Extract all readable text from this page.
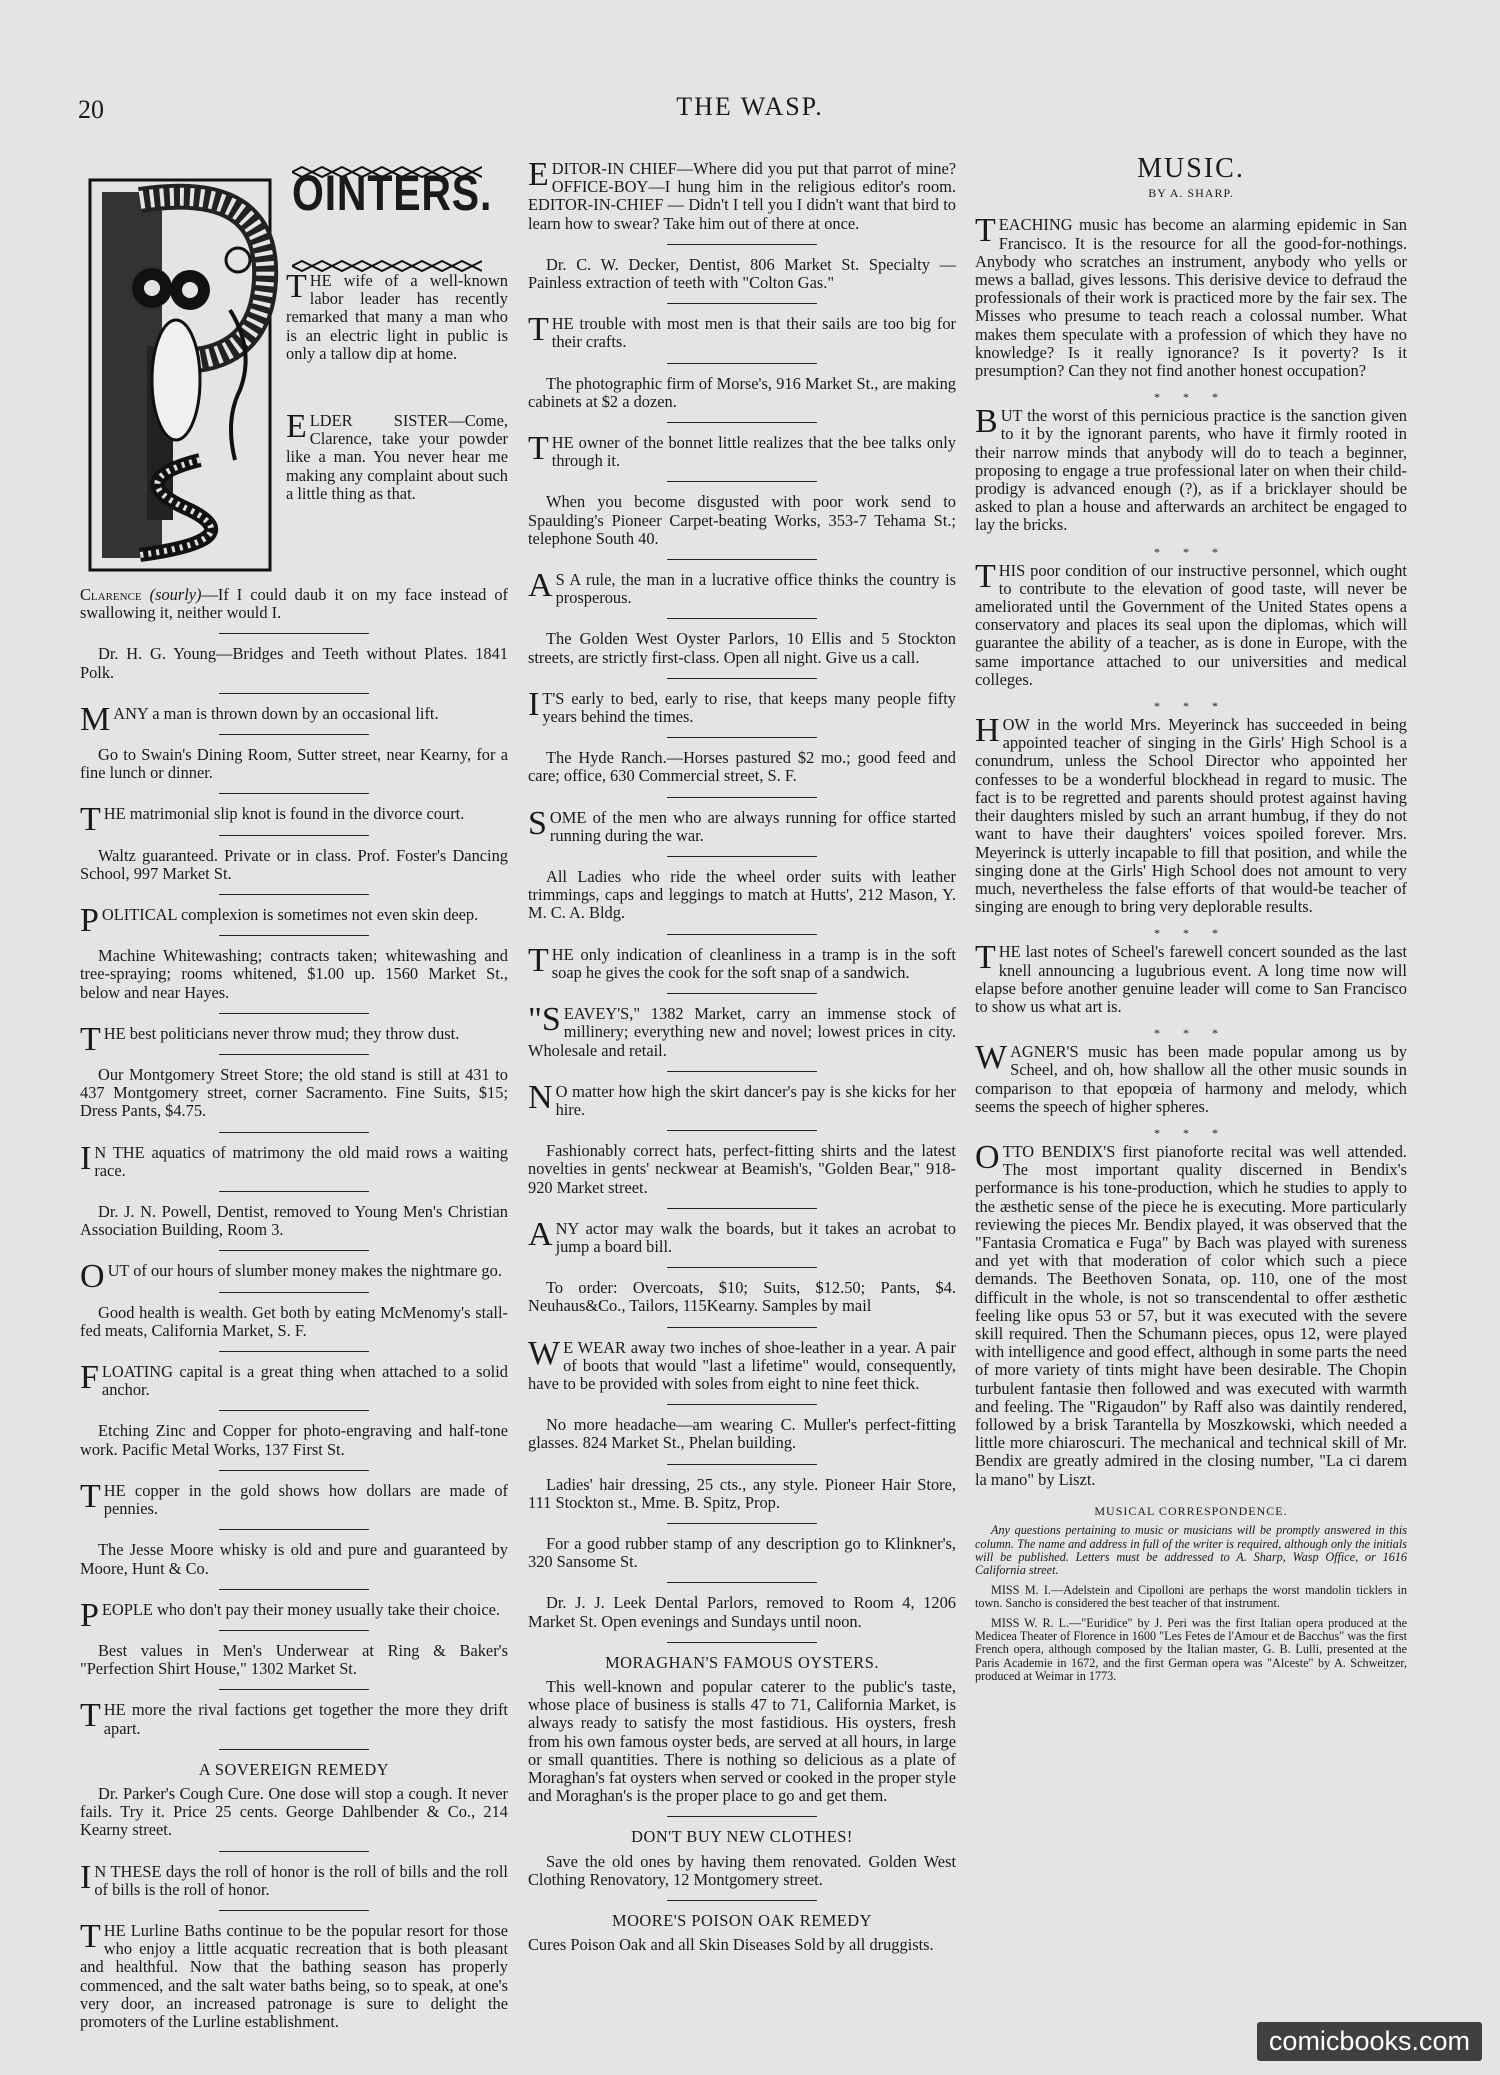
20	THE WASP.
OINTERS.
THE wife of a well-known labor leader has recently remarked that many a man who is an electric light in public is only a tallow dip at home.
ELDER SISTER—Come, Clarence, take your powder like a man. You never hear me making any complaint about such a little thing as that.
Clarence (sourly)—If I could daub it on my face instead of swallowing it, neither would I.
Dr. H. G. Young—Bridges and Teeth without Plates. 1841 Polk.
MANY a man is thrown down by an occasional lift.
Go to Swain's Dining Room, Sutter street, near Kearny, for a fine lunch or dinner.
THE matrimonial slip knot is found in the divorce court.
Waltz guaranteed. Private or in class. Prof. Foster's Dancing School, 997 Market St.
POLITICAL complexion is sometimes not even skin deep.
Machine Whitewashing; contracts taken; whitewashing and tree-spraying; rooms whitened, $1.00 up. 1560 Market St., below and near Hayes.
THE best politicians never throw mud; they throw dust.
Our Montgomery Street Store; the old stand is still at 431 to 437 Montgomery street, corner Sacramento. Fine Suits, $15; Dress Pants, $4.75.
IN THE aquatics of matrimony the old maid rows a waiting race.
Dr. J. N. Powell, Dentist, removed to Young Men's Christian Association Building, Room 3.
OUT of our hours of slumber money makes the nightmare go.
Good health is wealth. Get both by eating McMenomy's stall-fed meats, California Market, S. F.
FLOATING capital is a great thing when attached to a solid anchor.
Etching Zinc and Copper for photo-engraving and half-tone work. Pacific Metal Works, 137 First St.
THE copper in the gold shows how dollars are made of pennies.
The Jesse Moore whisky is old and pure and guaranteed by Moore, Hunt & Co.
PEOPLE who don't pay their money usually take their choice.
Best values in Men's Underwear at Ring & Baker's "Perfection Shirt House," 1302 Market St.
THE more the rival factions get together the more they drift apart.
A SOVEREIGN REMEDY
Dr. Parker's Cough Cure. One dose will stop a cough. It never fails. Try it. Price 25 cents. George Dahlbender & Co., 214 Kearny street.
IN THESE days the roll of honor is the roll of bills and the roll of bills is the roll of honor.
THE Lurline Baths continue to be the popular resort for those who enjoy a little acquatic recreation that is both pleasant and healthful. Now that the bathing season has properly commenced, and the salt water baths being, so to speak, at one's very door, an increased patronage is sure to delight the promoters of the Lurline establishment.
EDITOR-IN CHIEF—Where did you put that parrot of mine? OFFICE-BOY—I hung him in the religious editor's room. EDITOR-IN-CHIEF — Didn't I tell you I didn't want that bird to learn how to swear? Take him out of there at once.
Dr. C. W. Decker, Dentist, 806 Market St. Specialty —Painless extraction of teeth with "Colton Gas."
THE trouble with most men is that their sails are too big for their crafts.
The photographic firm of Morse's, 916 Market St., are making cabinets at $2 a dozen.
THE owner of the bonnet little realizes that the bee talks only through it.
When you become disgusted with poor work send to Spaulding's Pioneer Carpet-beating Works, 353-7 Tehama St.; telephone South 40.
AS A rule, the man in a lucrative office thinks the country is prosperous.
The Golden West Oyster Parlors, 10 Ellis and 5 Stockton streets, are strictly first-class. Open all night. Give us a call.
IT'S early to bed, early to rise, that keeps many people fifty years behind the times.
The Hyde Ranch.—Horses pastured $2 mo.; good feed and care; office, 630 Commercial street, S. F.
SOME of the men who are always running for office started running during the war.
All Ladies who ride the wheel order suits with leather trimmings, caps and leggings to match at Hutts', 212 Mason, Y. M. C. A. Bldg.
THE only indication of cleanliness in a tramp is in the soft soap he gives the cook for the soft snap of a sandwich.
"SEAVEY'S," 1382 Market, carry an immense stock of millinery; everything new and novel; lowest prices in city. Wholesale and retail.
NO matter how high the skirt dancer's pay is she kicks for her hire.
Fashionably correct hats, perfect-fitting shirts and the latest novelties in gents' neckwear at Beamish's, "Golden Bear," 918-920 Market street.
ANY actor may walk the boards, but it takes an acrobat to jump a board bill.
To order: Overcoats, $10; Suits, $12.50; Pants, $4. Neuhaus&Co., Tailors, 115Kearny. Samples by mail
WE WEAR away two inches of shoe-leather in a year. A pair of boots that would "last a lifetime" would, consequently, have to be provided with soles from eight to nine feet thick.
No more headache—am wearing C. Muller's perfect-fitting glasses. 824 Market St., Phelan building.
Ladies' hair dressing, 25 cts., any style. Pioneer Hair Store, 111 Stockton st., Mme. B. Spitz, Prop.
For a good rubber stamp of any description go to Klinkner's, 320 Sansome St.
Dr. J. J. Leek Dental Parlors, removed to Room 4, 1206 Market St. Open evenings and Sundays until noon.
MORAGHAN'S FAMOUS OYSTERS.
This well-known and popular caterer to the public's taste, whose place of business is stalls 47 to 71, California Market, is always ready to satisfy the most fastidious. His oysters, fresh from his own famous oyster beds, are served at all hours, in large or small quantities. There is nothing so delicious as a plate of Moraghan's fat oysters when served or cooked in the proper style and Moraghan's is the proper place to go and get them.
DON'T BUY NEW CLOTHES!
Save the old ones by having them renovated. Golden West Clothing Renovatory, 12 Montgomery street.
MOORE'S POISON OAK REMEDY
Cures Poison Oak and all Skin Diseases Sold by all druggists.
MUSIC.
BY A. SHARP.
TEACHING music has become an alarming epidemic in San Francisco. It is the resource for all the good-for-nothings. Anybody who scratches an instrument, anybody who yells or mews a ballad, gives lessons. This derisive device to defraud the professionals of their work is practiced more by the fair sex. The Misses who presume to teach reach a colossal number. What makes them speculate with a profession of which they have no knowledge? Is it really ignorance? Is it poverty? Is it presumption? Can they not find another honest occupation?
* * *
BUT the worst of this pernicious practice is the sanction given to it by the ignorant parents, who have it firmly rooted in their narrow minds that anybody will do to teach a beginner, proposing to engage a true professional later on when their child-prodigy is advanced enough (?), as if a bricklayer should be asked to plan a house and afterwards an architect be engaged to lay the bricks.
* * *
THIS poor condition of our instructive personnel, which ought to contribute to the elevation of good taste, will never be ameliorated until the Government of the United States opens a conservatory and places its seal upon the diplomas, which will guarantee the ability of a teacher, as is done in Europe, with the same importance attached to our universities and medical colleges.
* * *
HOW in the world Mrs. Meyerinck has succeeded in being appointed teacher of singing in the Girls' High School is a conundrum, unless the School Director who appointed her confesses to be a wonderful blockhead in regard to music. The fact is to be regretted and parents should protest against having their daughters misled by such an arrant humbug, if they do not want to have their daughters' voices spoiled forever. Mrs. Meyerinck is utterly incapable to fill that position, and while the singing done at the Girls' High School does not amount to very much, nevertheless the false efforts of that would-be teacher of singing are enough to bring very deplorable results.
* * *
THE last notes of Scheel's farewell concert sounded as the last knell announcing a lugubrious event. A long time now will elapse before another genuine leader will come to San Francisco to show us what art is.
* * *
WAGNER'S music has been made popular among us by Scheel, and oh, how shallow all the other music sounds in comparison to that epopœia of harmony and melody, which seems the speech of higher spheres.
* * *
OTTO BENDIX'S first pianoforte recital was well attended. The most important quality discerned in Bendix's performance is his tone-production, which he studies to apply to the æsthetic sense of the piece he is executing. More particularly reviewing the pieces Mr. Bendix played, it was observed that the "Fantasia Cromatica e Fuga" by Bach was played with sureness and yet with that moderation of color which such a piece demands. The Beethoven Sonata, op. 110, one of the most difficult in the whole, is not so transcendental to offer æsthetic feeling like opus 53 or 57, but it was executed with the severe skill required. Then the Schumann pieces, opus 12, were played with intelligence and good effect, although in some parts the need of more variety of tints might have been desirable. The Chopin turbulent fantasie then followed and was executed with warmth and feeling. The "Rigaudon" by Raff also was daintily rendered, followed by a brisk Tarantella by Moszkowski, which needed a little more chiaroscuri. The mechanical and technical skill of Mr. Bendix are greatly admired in the closing number, "La ci darem la mano" by Liszt.
MUSICAL CORRESPONDENCE.
Any questions pertaining to music or musicians will be promptly answered in this column. The name and address in full of the writer is required, although only the initials will be published. Letters must be addressed to A. Sharp, Wasp Office, or 1616 California street.
MISS M. I.—Adelstein and Cipolloni are perhaps the worst mandolin ticklers in town. Sancho is considered the best teacher of that instrument.
MISS W. R. L.—"Euridice" by J. Peri was the first Italian opera produced at the Medicea Theater of Florence in 1600 "Les Fetes de l'Amour et de Bacchus" was the first French opera, although composed by the Italian master, G. B. Lulli, presented at the Paris Academie in 1672, and the first German opera was "Alceste" by A. Schweitzer, produced at Weimar in 1773.
comicbooks.com
